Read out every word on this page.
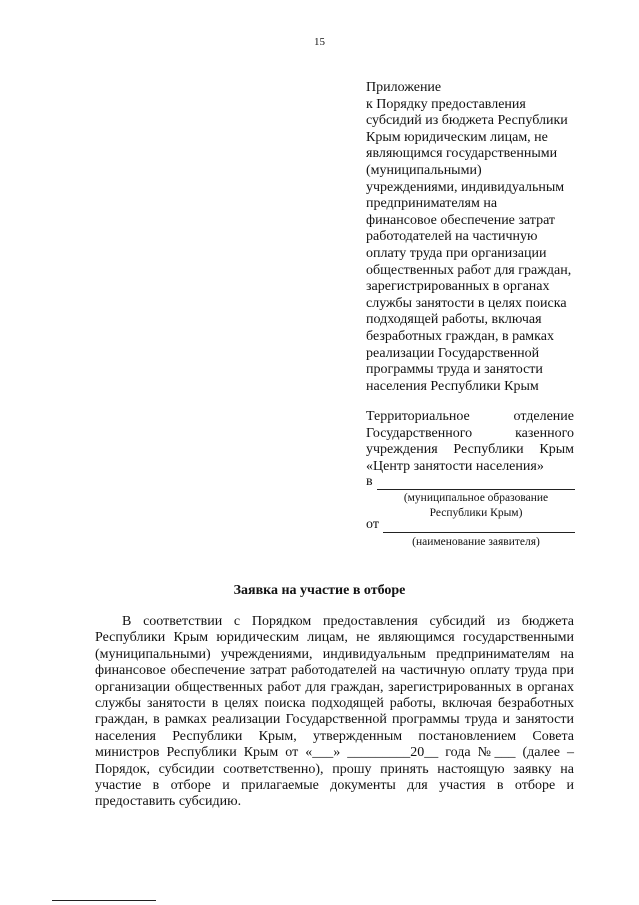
15
Приложение
к Порядку предоставления
субсидий из бюджета Республики
Крым юридическим лицам, не
являющимся государственными
(муниципальными)
учреждениями, индивидуальным
предпринимателям на
финансовое обеспечение затрат
работодателей на частичную
оплату труда при организации
общественных работ для граждан,
зарегистрированных в органах
службы занятости в целях поиска
подходящей работы, включая
безработных граждан, в рамках
реализации Государственной
программы труда и занятости
населения Республики Крым
Территориальное отделение
Государственного казенного
учреждения Республики Крым
«Центр занятости населения»
в
(муниципальное образование
Республики Крым)
от
(наименование заявителя)
Заявка на участие в отборе
В соответствии с Порядком предоставления субсидий из бюджета
Республики Крым юридическим лицам, не являющимся государственными
(муниципальными) учреждениями, индивидуальным предпринимателям на
финансовое обеспечение затрат работодателей на частичную оплату труда при
организации общественных работ для граждан, зарегистрированных в органах
службы занятости в целях поиска подходящей работы, включая безработных
граждан, в рамках реализации Государственной программы труда и занятости
населения Республики Крым, утвержденным постановлением Совета
министров Республики Крым от «___» _________20__ года №___ (далее –
Порядок, субсидии соответственно), прошу принять настоящую заявку на
участие в отборе и прилагаемые документы для участия в отборе и
предоставить субсидию.
